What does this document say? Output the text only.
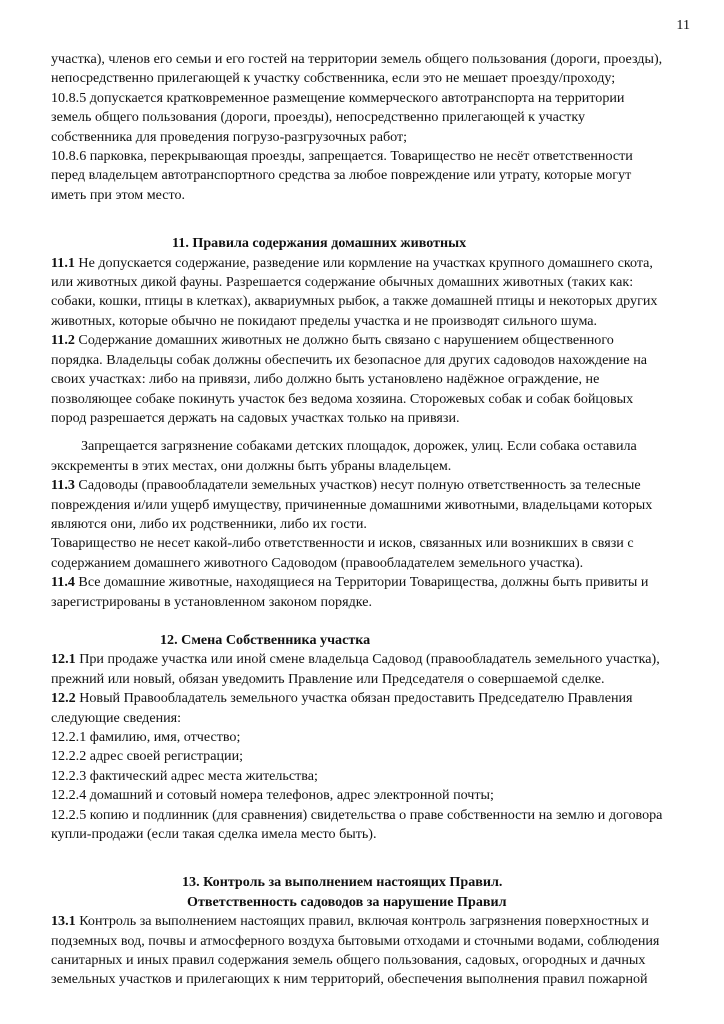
11

участка), членов его семьи и его гостей на территории земель общего пользования (дороги, проезды),

непосредственно прилегающей к участку собственника, если это не мешает проезду/проходу;

10.8.5 допускается кратковременное размещение коммерческого автотранспорта на территории

земель общего пользования (дороги, проезды), непосредственно прилегающей к участку

собственника для проведения погрузо-разгрузочных работ;

10.8.6 парковка, перекрывающая проезды, запрещается. Товарищество не несёт ответственности

перед владельцем автотранспортного средства за любое повреждение или утрату, которые могут

иметь при этом место.

11. Правила содержания домашних животных

11.1 Не допускается содержание, разведение или кормление на участках крупного домашнего скота,

или животных дикой фауны. Разрешается содержание обычных домашних животных (таких как:

собаки, кошки, птицы в клетках), аквариумных рыбок, а также домашней птицы и некоторых других

животных, которые обычно не покидают пределы участка и не производят сильного шума.

11.2 Содержание домашних животных не должно быть связано с нарушением общественного

порядка. Владельцы собак должны обеспечить их безопасное для других садоводов нахождение на

своих участках: либо на привязи, либо должно быть установлено надёжное ограждение, не

позволяющее собаке покинуть участок без ведома хозяина. Сторожевых собак и собак бойцовых

пород разрешается держать на садовых участках только на привязи.

Запрещается загрязнение собаками детских площадок, дорожек, улиц. Если собака оставила

экскременты в этих местах, они должны быть убраны владельцем.

11.3 Садоводы (правообладатели земельных участков) несут полную ответственность за телесные

повреждения и/или ущерб имуществу, причиненные домашними животными, владельцами которых

являются они, либо их родственники, либо их гости.

Товарищество не несет какой-либо ответственности и исков, связанных или возникших в связи с

содержанием домашнего животного Садоводом (правообладателем земельного участка).

11.4 Все домашние животные, находящиеся на Территории Товарищества, должны быть привиты и

зарегистрированы в установленном законом порядке.

12. Смена Собственника участка

12.1 При продаже участка или иной смене владельца Садовод (правообладатель земельного участка),

прежний или новый, обязан уведомить Правление или Председателя о совершаемой сделке.

12.2 Новый Правообладатель земельного участка обязан предоставить Председателю Правления

следующие сведения:

12.2.1 фамилию, имя, отчество;

12.2.2 адрес своей регистрации;

12.2.3 фактический адрес места жительства;

12.2.4 домашний и сотовый номера телефонов, адрес электронной почты;

12.2.5 копию и подлинник (для сравнения) свидетельства о праве собственности на землю и договора

купли-продажи (если такая сделка имела место быть).

13. Контроль за выполнением настоящих Правил.

Ответственность садоводов за нарушение Правил

13.1 Контроль за выполнением настоящих правил, включая контроль загрязнения поверхностных и

подземных вод, почвы и атмосферного воздуха бытовыми отходами и сточными водами, соблюдения

санитарных и иных правил содержания земель общего пользования, садовых, огородных и дачных

земельных участков и прилегающих к ним территорий, обеспечения выполнения правил пожарной
